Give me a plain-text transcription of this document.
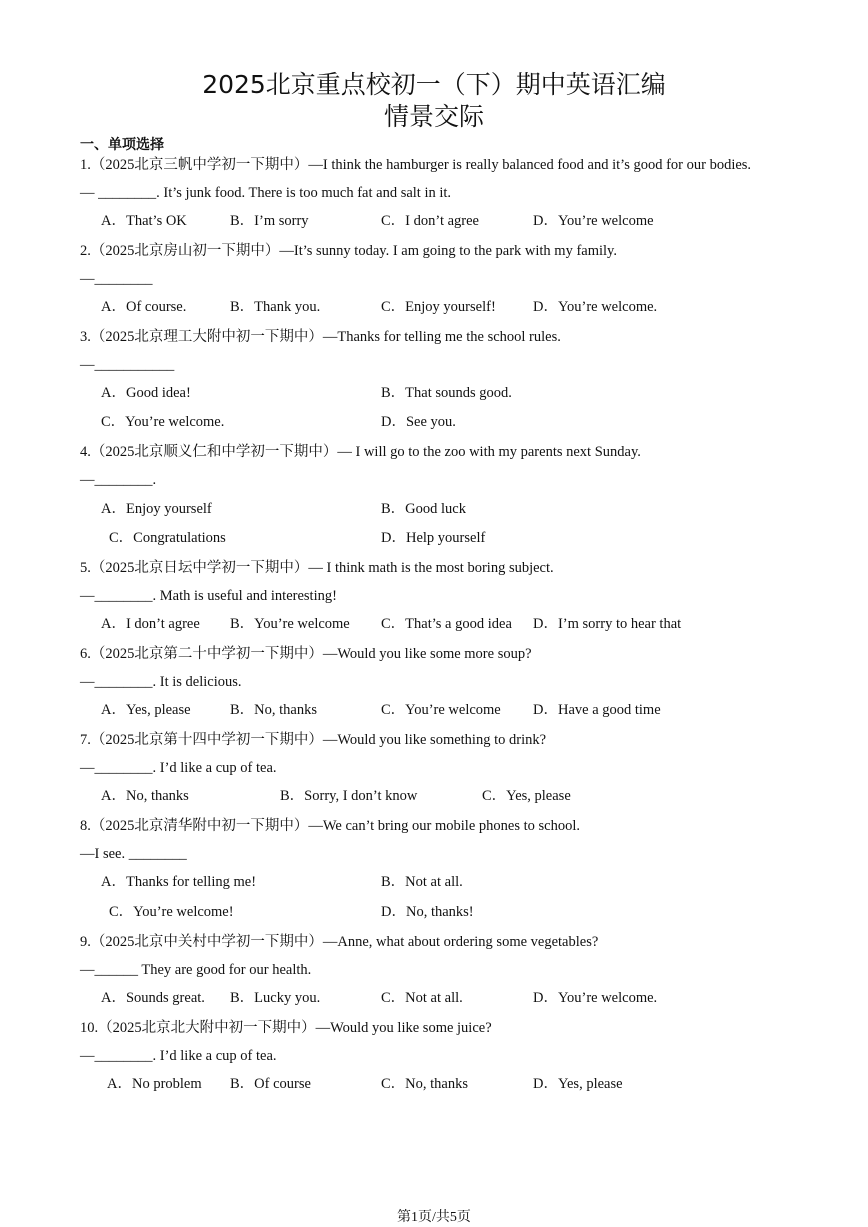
2025北京重点校初一（下）期中英语汇编
情景交际
一、单项选择
1.（2025北京三帆中学初一下期中）—I think the hamburger is really balanced food and it’s good for our bodies.
— ________. It’s junk food. There is too much fat and salt in it.
A．That’s OK	B．I’m sorry	C．I don’t agree	D．You’re welcome
2.（2025北京房山初一下期中）—It’s sunny today. I am going to the park with my family.
—________
A．Of course.	B．Thank you.	C．Enjoy yourself!	D．You’re welcome.
3.（2025北京理工大附中初一下期中）—Thanks for telling me the school rules.
—___________
A．Good idea!	B．That sounds good.
C．You’re welcome.	D．See you.
4.（2025北京顺义仁和中学初一下期中）— I will go to the zoo with my parents next Sunday.
—________.
A．Enjoy yourself	B．Good luck
C．Congratulations	D．Help yourself
5.（2025北京日坛中学初一下期中）— I think math is the most boring subject.
—________. Math is useful and interesting!
A．I don’t agree B．You’re welcome C．That’s a good idea D．I’m sorry to hear that
6.（2025北京第二十中学初一下期中）—Would you like some more soup?
—________. It is delicious.
A．Yes, please	B．No, thanks	C．You’re welcome D．Have a good time
7.（2025北京第十四中学初一下期中）—Would you like something to drink?
—________. I’d like a cup of tea.
A．No, thanks	B．Sorry, I don’t know	C．Yes, please
8.（2025北京清华附中初一下期中）—We can’t bring our mobile phones to school.
—I see. ________
A．Thanks for telling me!	B．Not at all.
C．You’re welcome!	D．No, thanks!
9.（2025北京中关村中学初一下期中）—Anne, what about ordering some vegetables?
—______ They are good for our health.
A．Sounds great. B．Lucky you.	C．Not at all.	D．You’re welcome.
10.（2025北京北大附中初一下期中）—Would you like some juice?
—________. I’d like a cup of tea.
A．No problem B．Of course	C．No, thanks	D．Yes, please
第1页/共5页
